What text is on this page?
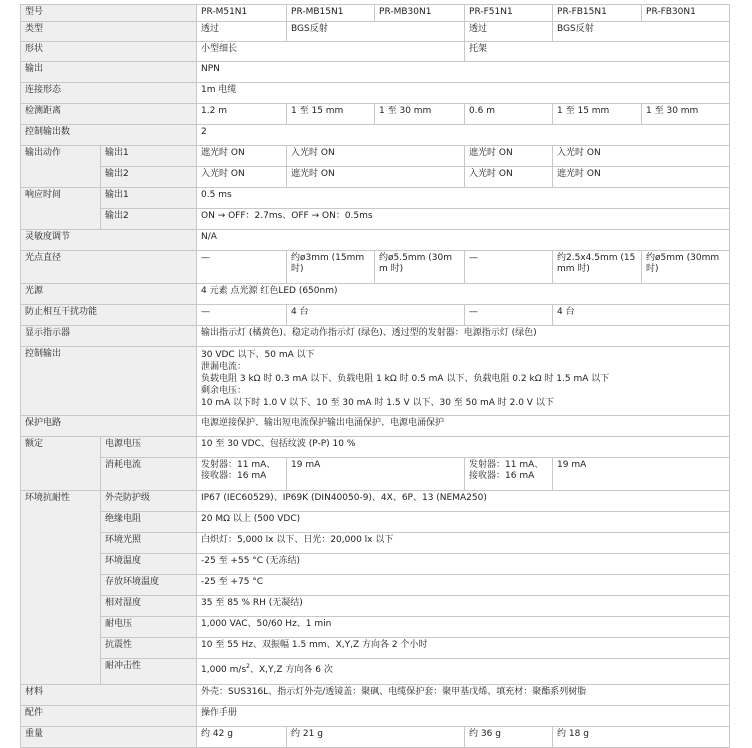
型号		PR-M51N1	PR-MB15N1	PR-MB30N1	PR-F51N1	PR-FB15N1	PR-FB30N1
类型		透过	BGS反射		透过	BGS反射	
形状		小型细长			托架		
输出		NPN					
连接形态		1m 电缆					
检测距离		1.2 m	1 至 15 mm	1 至 30 mm	0.6 m	1 至 15 mm	1 至 30 mm
控制输出数		2					
输出动作	输出1	遮光时 ON	入光时 ON		遮光时 ON	入光时 ON	
	输出2	入光时 ON	遮光时 ON		入光时 ON	遮光时 ON	
响应时间	输出1	0.5 ms					
	输出2	ON → OFF：2.7ms、OFF → ON：0.5ms					
灵敏度调节		N/A					
光点直径		—	约ø3mm (15mm 时)	约ø5.5mm (30mm 时)	—	约2.5x4.5mm (15 mm 时)	约ø5mm (30mm 时)
光源		4 元素 点光源 红色LED (650nm)					
防止相互干扰功能		—	4 台		—	4 台	
显示指示器		输出指示灯 (橘黄色)、稳定动作指示灯 (绿色)、透过型的发射器：电源指示灯 (绿色)					
控制输出		30 VDC 以下、50 mA 以下
泄漏电流：
负载电阻 3 kΩ 时 0.3 mA 以下、负载电阻 1 kΩ 时 0.5 mA 以下、负载电阻 0.2 kΩ 时 1.5 mA 以下
剩余电压：
10 mA 以下时 1.0 V 以下、10 至 30 mA 时 1.5 V 以下、30 至 50 mA 时 2.0 V 以下					

保护电路		电源逆接保护、输出短电流保护输出电涌保护、电源电涌保护					
额定	电源电压	10 至 30 VDC、包括纹波 (P-P) 10 %					
	消耗电流	发射器：11 mA、
接收器：16 mA	19 mA		发射器：11 mA、
接收器：16 mA	19 mA	
环境抗耐性	外壳防护级	IP67 (IEC60529)、IP69K (DIN40050-9)、4X、6P、13 (NEMA250)					
	绝缘电阻	20 MΩ 以上 (500 VDC)					
	环境光照	白炽灯：5,000 lx 以下、日光：20,000 lx 以下					
	环境温度	-25 至 +55 °C (无冻结)					
	存放环境温度	-25 至 +75 °C					
	相对湿度	35 至 85 % RH (无凝结)					
	耐电压	1,000 VAC、50/60 Hz、1 min					
	抗震性	10 至 55 Hz、双振幅 1.5 mm、X,Y,Z 方向各 2 个小时					
	耐冲击性	1,000 $m/s^2$、X,Y,Z 方向各 6 次					
材料		外壳：SUS316L、指示灯外壳/透镜盖：聚砜、电缆保护套：聚甲基戊烯、填充材：聚酯系列树脂					
配件		操作手册					
重量		约 42 g	约 21 g		约 36 g	约 18 g	
